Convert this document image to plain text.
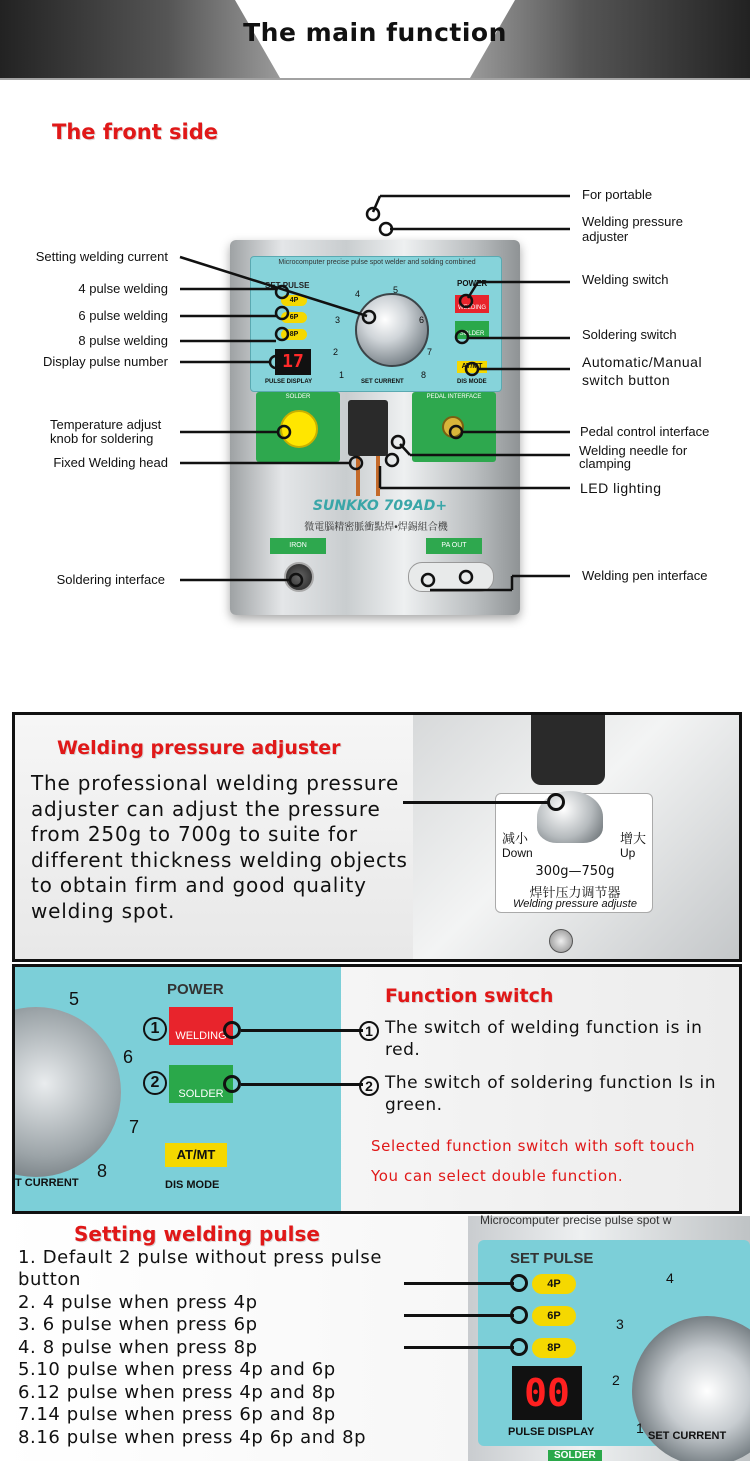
The main function
The front side
Microcomputer precise pulse spot welder and solding combined
SET PULSE
4P
6P
8P
17
PULSE DISPLAY	SET CURRENT
1
2
3
4	5
6
7
8
POWER
WELDING
SOLDER
AT/MT
DIS MODE
SOLDER	PEDAL INTERFACE
SUNKKO 709AD+
微電腦精密脈衝點焊•焊錫組合機
IRON	PA OUT
Setting welding current
4 pulse welding
6 pulse welding
8 pulse welding
Display pulse number
Temperature adjust
knob for soldering
Fixed Welding head
Soldering interface
For portable
Welding pressure
adjuster
Welding switch
Soldering switch
Automatic/Manual
switch button
Pedal control interface
Welding needle for
clamping
LED lighting
Welding pen interface
Welding pressure adjuster
The professional welding pressure adjuster can adjust the pressure from 250g to 700g to suite for different thickness welding objects to obtain firm and good quality welding spot.
减小
Down
增大
Up
300g—750g
焊针压力调节器
Welding pressure adjuste
5
6
7
8
T CURRENT
POWER
WELDING
SOLDER
AT/MT
DIS MODE
1
2
Function switch
1 The switch of welding function is in red.
2 The switch of soldering function Is in green.
Selected function switch with soft touch
You can select double function.
Setting welding pulse
1. Default 2 pulse without press pulse button
2. 4 pulse when press 4p
3. 6 pulse when press 6p
4. 8 pulse when press 8p
5.10 pulse when press 4p and 6p
6.12 pulse when press 4p and 8p
7.14 pulse when press 6p and 8p
8.16 pulse when press 4p 6p and 8p
Microcomputer precise pulse spot w
SET PULSE
4P
6P
8P
00
PULSE DISPLAY	1
2
3
4
SET CURRENT
SOLDER
